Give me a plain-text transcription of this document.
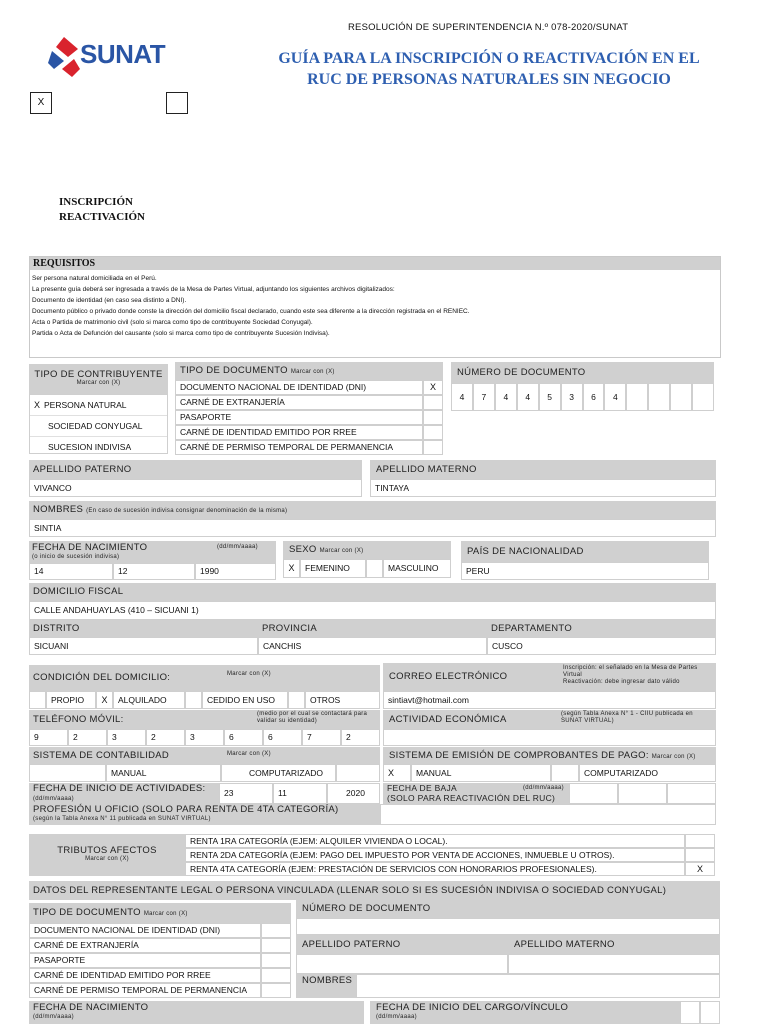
RESOLUCIÓN DE SUPERINTENDENCIA N.º 078-2020/SUNAT
SUNAT	GUÍA PARA LA INSCRIPCIÓN O REACTIVACIÓN EN EL
RUC DE PERSONAS NATURALES SIN NEGOCIO
X
INSCRIPCIÓN
REACTIVACIÓN
REQUISITOS
Ser persona natural domiciliada en el Perú.
La presente guía deberá ser ingresada a través de la Mesa de Partes Virtual, adjuntando los siguientes archivos digitalizados:
Documento de identidad (en caso sea distinto a DNI).
Documento público o privado donde conste la dirección del domicilio fiscal declarado, cuando este sea diferente a la dirección registrada en el RENIEC.
Acta o Partida de matrimonio civil (solo si marca como tipo de contribuyente Sociedad Conyugal).
Partida o Acta de Defunción del causante (solo si marca como tipo de contribuyente Sucesión Indivisa).
TIPO DE CONTRIBUYENTE
Marcar con (X)
X PERSONA NATURAL
SOCIEDAD CONYUGAL
SUCESION INDIVISA
TIPO DE DOCUMENTO Marcar con (X)
DOCUMENTO NACIONAL DE IDENTIDAD (DNI)	X
CARNÉ DE EXTRANJERÍA
PASAPORTE
CARNÉ DE IDENTIDAD EMITIDO POR RREE
CARNÉ DE PERMISO TEMPORAL DE PERMANENCIA
NÚMERO DE DOCUMENTO
4	7	4	4	5	3	6	4
APELLIDO PATERNO
VIVANCO
APELLIDO MATERNO
TINTAYA
NOMBRES (En caso de sucesión indivisa consignar denominación de la misma)
SINTIA
FECHA DE NACIMIENTO
(o inicio de sucesión indivisa)
(dd/mm/aaaa)
14	12	1990
SEXO Marcar con (X)
X	FEMENINO	MASCULINO
PAÍS DE NACIONALIDAD
PERU
DOMICILIO FISCAL
CALLE ANDAHUAYLAS (410 – SICUANI 1)
DISTRITO
SICUANI
PROVINCIA
CANCHIS
DEPARTAMENTO
CUSCO
CONDICIÓN DEL DOMICILIO:	Marcar con (X)
PROPIO	X	ALQUILADO	CEDIDO EN USO	OTROS
CORREO ELECTRÓNICO
Inscripción: el señalado en la Mesa de Partes Virtual
Reactivación: debe ingresar dato válido
sintiavt@hotmail.com
TELÉFONO MÓVIL:	(medio por el cual se contactará para validar su identidad)
9	2	3	2	3	6	6	7	2
ACTIVIDAD ECONÓMICA	(según Tabla Anexa N° 1 - CIIU publicada en SUNAT VIRTUAL)
SISTEMA DE CONTABILIDAD	Marcar con (X)
MANUAL	COMPUTARIZADO
SISTEMA DE EMISIÓN DE COMPROBANTES DE PAGO: Marcar con (X)
X	MANUAL	COMPUTARIZADO
FECHA DE INICIO DE ACTIVIDADES:
(dd/mm/aaaa)
23	11	2020	FECHA DE BAJA
(SOLO PARA REACTIVACIÓN DEL RUC)
(dd/mm/aaaa)
PROFESIÓN U OFICIO (SOLO PARA RENTA DE 4TA CATEGORÍA)
(según la Tabla Anexa N° 11 publicada en SUNAT VIRTUAL)
TRIBUTOS AFECTOS
Marcar con (X)
RENTA 1RA CATEGORÍA (EJEM: ALQUILER VIVIENDA O LOCAL).
RENTA 2DA CATEGORÍA (EJEM: PAGO DEL IMPUESTO POR VENTA DE ACCIONES, INMUEBLE U OTROS).
RENTA 4TA CATEGORÍA (EJEM: PRESTACIÓN DE SERVICIOS CON HONORARIOS PROFESIONALES).	X
DATOS DEL REPRESENTANTE LEGAL O PERSONA VINCULADA (LLENAR SOLO SI ES SUCESIÓN INDIVISA O SOCIEDAD CONYUGAL)
TIPO DE DOCUMENTO Marcar con (X)
DOCUMENTO NACIONAL DE IDENTIDAD (DNI)
CARNÉ DE EXTRANJERÍA
PASAPORTE
CARNÉ DE IDENTIDAD EMITIDO POR RREE
CARNÉ DE PERMISO TEMPORAL DE PERMANENCIA
NÚMERO DE DOCUMENTO
APELLIDO PATERNO	APELLIDO MATERNO
NOMBRES
FECHA DE NACIMIENTO
(dd/mm/aaaa)
FECHA DE INICIO DEL CARGO/VÍNCULO
(dd/mm/aaaa)
